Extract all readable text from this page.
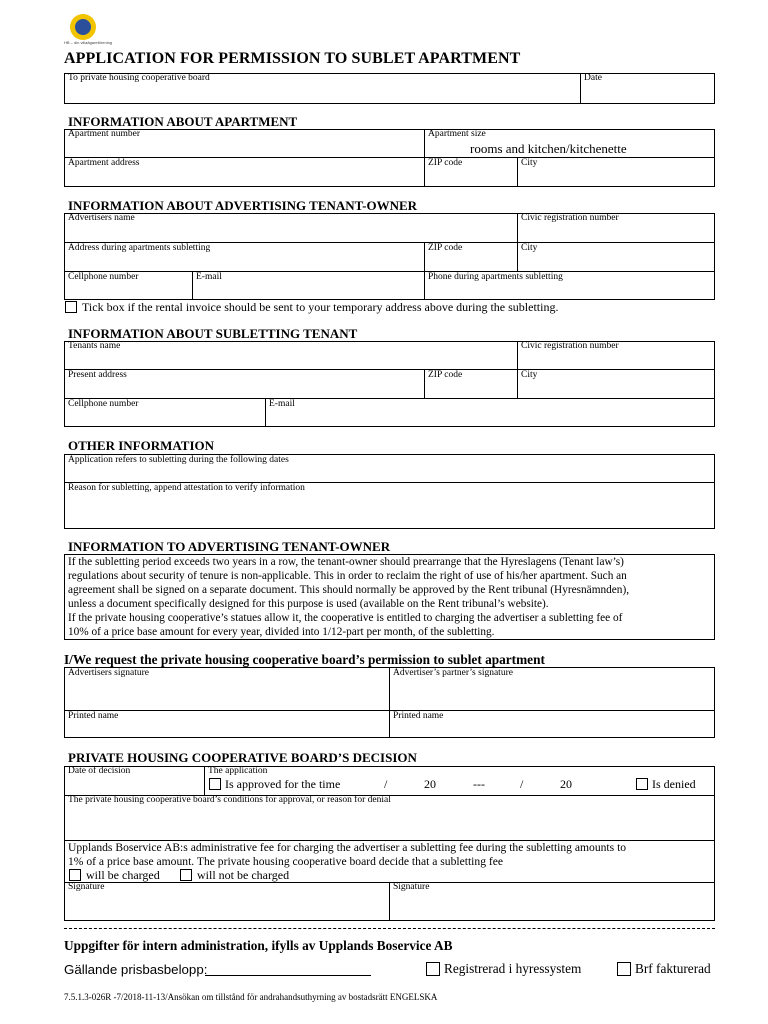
HB – din villaägareförening
APPLICATION FOR PERMISSION TO SUBLET APARTMENT
To private housing cooperative board	Date
INFORMATION ABOUT APARTMENT
Apartment number	Apartment size
rooms and kitchen/kitchenette
Apartment address	ZIP code	City
INFORMATION ABOUT ADVERTISING TENANT-OWNER
Advertisers name	Civic registration number
Address during apartments subletting	ZIP code	City
Cellphone number	E-mail	Phone during apartments subletting
Tick box if the rental invoice should be sent to your temporary address above during the subletting.
INFORMATION ABOUT SUBLETTING TENANT
Tenants name	Civic registration number
Present address	ZIP code	City
Cellphone number	E-mail
OTHER INFORMATION
Application refers to subletting during the following dates
Reason for subletting, append attestation to verify information
INFORMATION TO ADVERTISING TENANT-OWNER
If the subletting period exceeds two years in a row, the tenant-owner should prearrange that the Hyreslagens (Tenant law’s)
regulations about security of tenure is non-applicable. This in order to reclaim the right of use of his/her apartment. Such an
agreement shall be signed on a separate document. This should normally be approved by the Rent tribunal (Hyresnämnden),
unless a document specifically designed for this purpose is used (available on the Rent tribunal’s website).
If the private housing cooperative’s statues allow it, the cooperative is entitled to charging the advertiser a subletting fee of
10% of a price base amount for every year, divided into 1/12-part per month, of the subletting.
I/We request the private housing cooperative board’s permission to sublet apartment
Advertisers signature	Advertiser’s partner’s signature
Printed name	Printed name
PRIVATE HOUSING COOPERATIVE BOARD’S DECISION
Date of decision	The application
Is approved for the time	/	20	---	/	20	Is denied
The private housing cooperative board’s conditions for approval, or reason for denial
Upplands Boservice AB:s administrative fee for charging the advertiser a subletting fee during the subletting amounts to
1% of a price base amount. The private housing cooperative board decide that a subletting fee
will be charged	will not be charged
Signature	Signature
Uppgifter för intern administration, ifylls av Upplands Boservice AB
Gällande prisbasbelopp:	Registrerad i hyressystem	Brf fakturerad
7.5.1.3-026R -7/2018-11-13/Ansökan om tillstånd för andrahandsuthyrning av bostadsrätt ENGELSKA
